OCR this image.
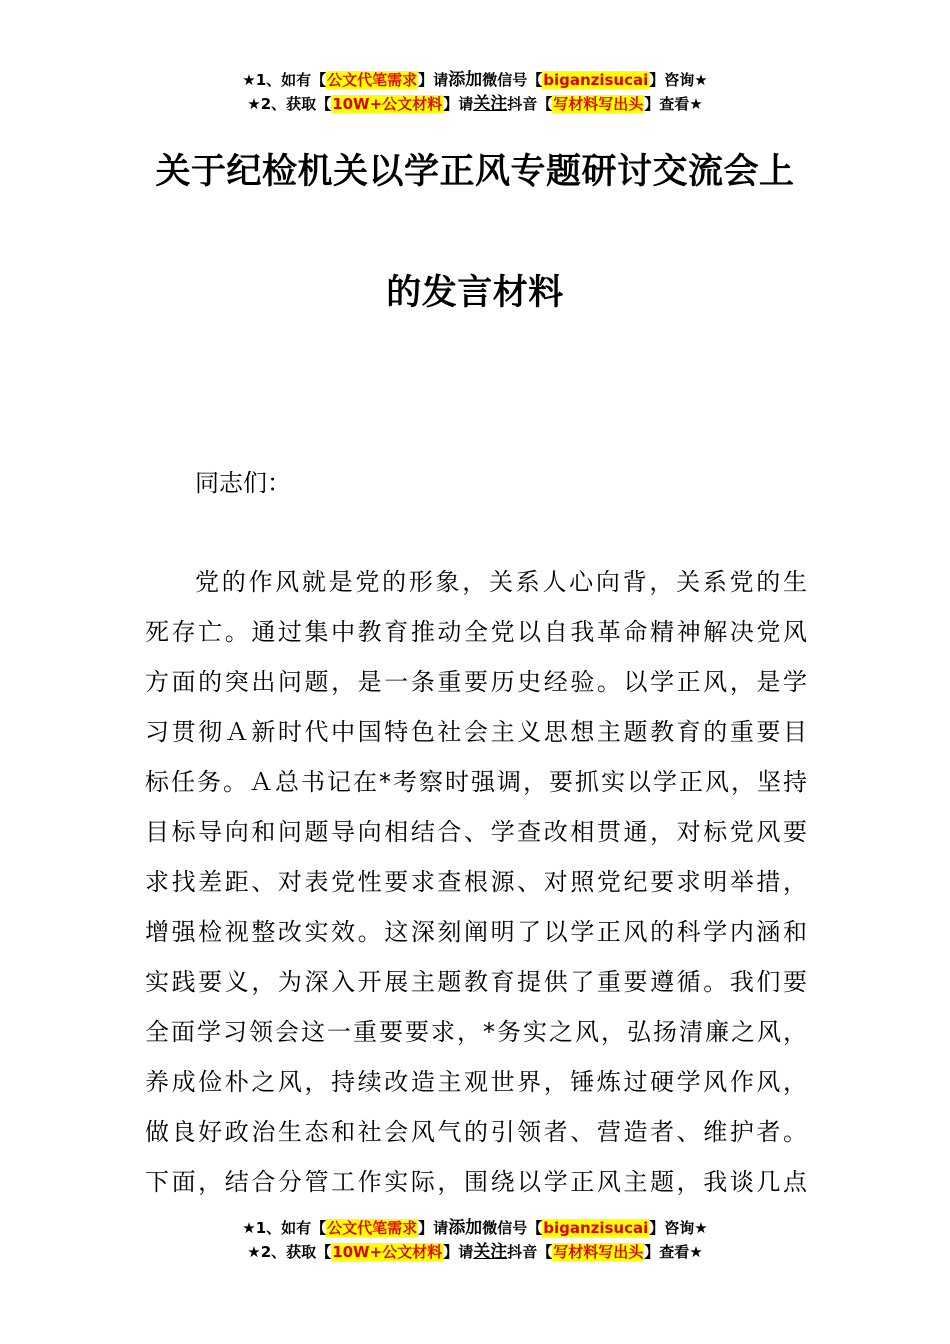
★1、如有【公文代笔需求】请添加微信号【biganzisucai】咨询★
★2、获取【10W+公文材料】请关注抖音【写材料写出头】查看★
关于纪检机关以学正风专题研讨交流会上
的发言材料
同志们：
党的作风就是党的形象，关系人心向背，关系党的生
死存亡。通过集中教育推动全党以自我革命精神解决党风
方面的突出问题，是一条重要历史经验。以学正风，是学
习贯彻Ａ新时代中国特色社会主义思想主题教育的重要目
标任务。Ａ总书记在*考察时强调，要抓实以学正风，坚持
目标导向和问题导向相结合、学查改相贯通，对标党风要
求找差距、对表党性要求查根源、对照党纪要求明举措，
增强检视整改实效。这深刻阐明了以学正风的科学内涵和
实践要义，为深入开展主题教育提供了重要遵循。我们要
全面学习领会这一重要要求，*务实之风，弘扬清廉之风，
养成俭朴之风，持续改造主观世界，锤炼过硬学风作风，
做良好政治生态和社会风气的引领者、营造者、维护者。
下面，结合分管工作实际，围绕以学正风主题，我谈几点
★1、如有【公文代笔需求】请添加微信号【biganzisucai】咨询★
★2、获取【10W+公文材料】请关注抖音【写材料写出头】查看★
